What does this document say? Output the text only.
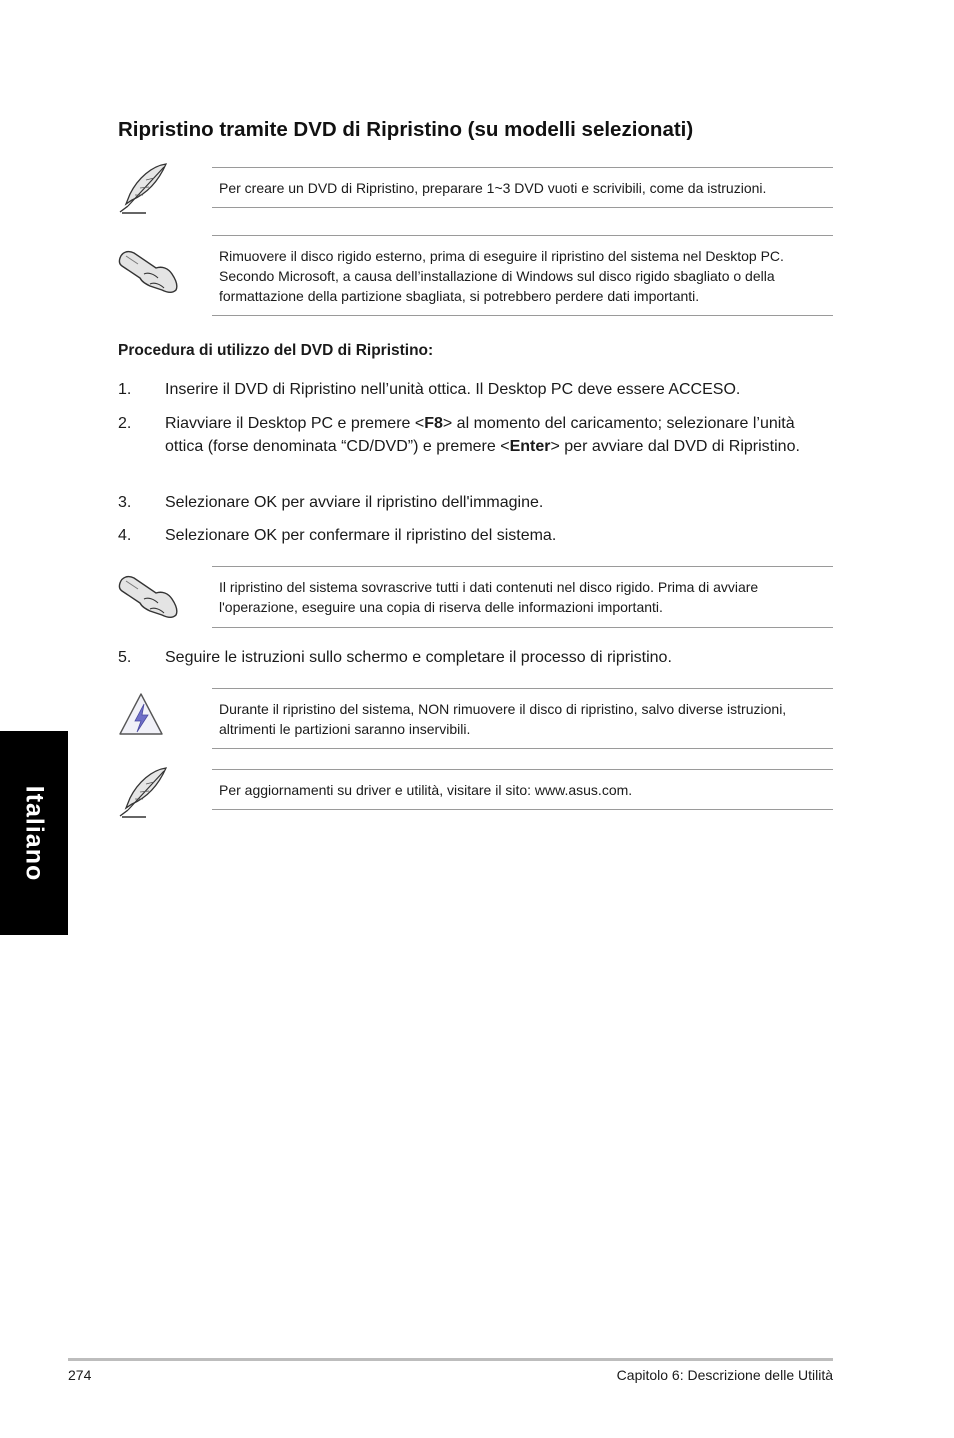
Italiano
Ripristino tramite DVD di Ripristino (su modelli selezionati)
Per creare un DVD di Ripristino, preparare 1~3 DVD vuoti e scrivibili, come da istruzioni.
Rimuovere il disco rigido esterno, prima di eseguire il ripristino del sistema nel Desktop PC. Secondo Microsoft, a causa dell’installazione di Windows sul disco rigido sbagliato o della formattazione della partizione sbagliata, si potrebbero perdere dati importanti.
Procedura di utilizzo del DVD di Ripristino:
1. Inserire il DVD di Ripristino nell’unità ottica. Il Desktop PC deve essere ACCESO.
2. Riavviare il Desktop PC e premere <F8> al momento del caricamento; selezionare l’unità ottica (forse denominata “CD/DVD”) e premere <Enter> per avviare dal DVD di Ripristino.
3. Selezionare OK per avviare il ripristino dell'immagine.
4. Selezionare OK per confermare il ripristino del sistema.
Il ripristino del sistema sovrascrive tutti i dati contenuti nel disco rigido. Prima di avviare l'operazione, eseguire una copia di riserva delle informazioni importanti.
5. Seguire le istruzioni sullo schermo e completare il processo di ripristino.
Durante il ripristino del sistema, NON rimuovere il disco di ripristino, salvo diverse istruzioni, altrimenti le partizioni saranno inservibili.
Per aggiornamenti su driver e utilità, visitare il sito: www.asus.com.
274	Capitolo 6: Descrizione delle Utilità
